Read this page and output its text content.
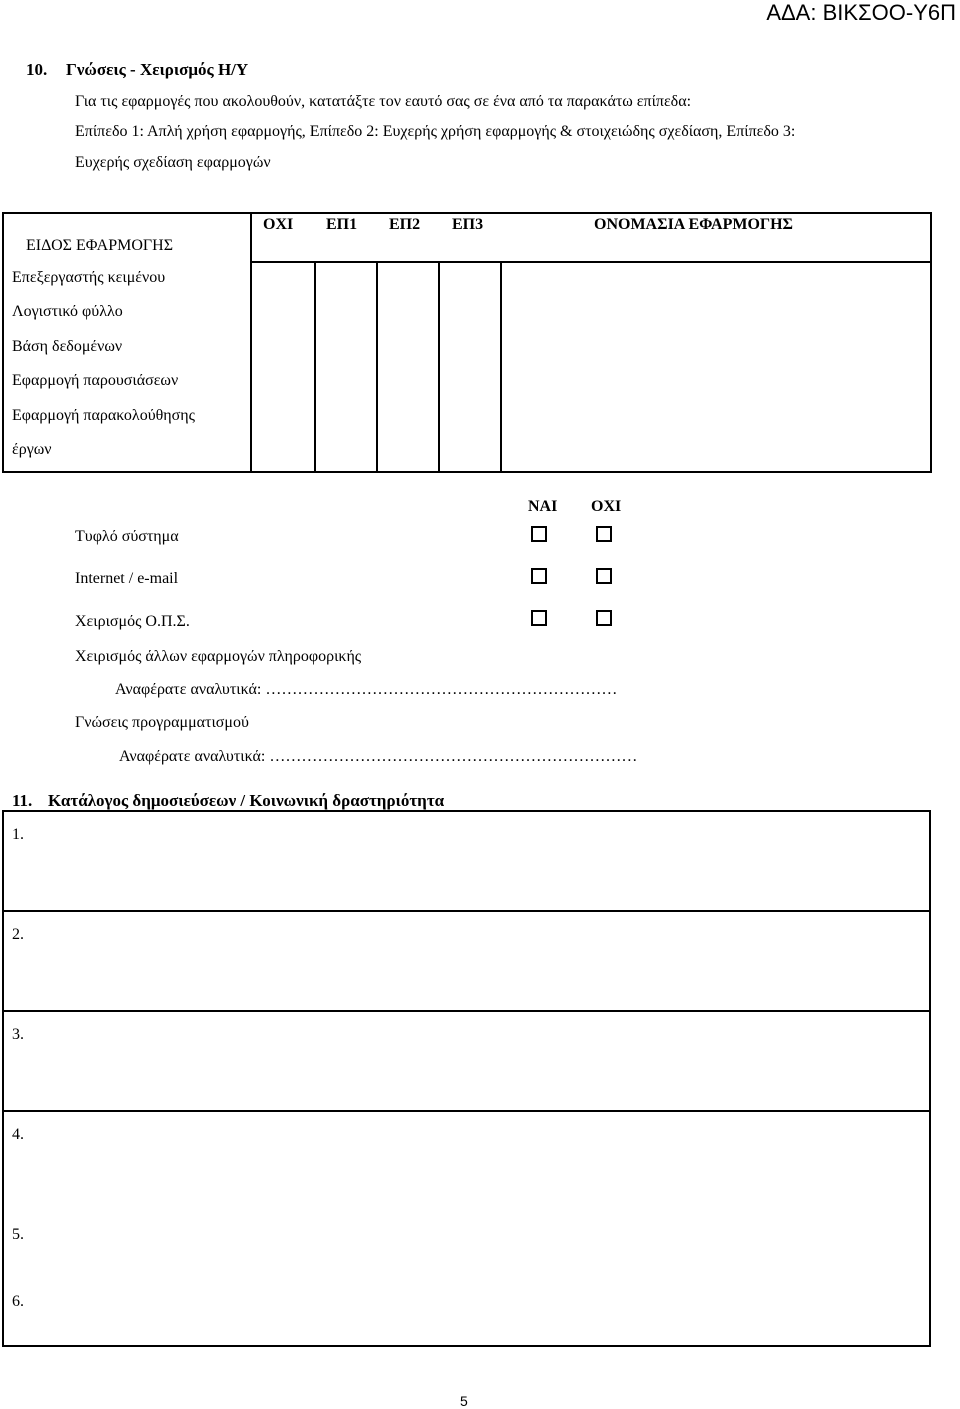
ΑΔΑ: ΒΙΚΣΟΟ-Υ6Π
10. Γνώσεις - Χειρισμός Η/Υ
Για τις εφαρμογές που ακολουθούν, κατατάξτε τον εαυτό σας σε ένα από τα παρακάτω επίπεδα:
Επίπεδο 1: Απλή χρήση εφαρμογής, Επίπεδο 2: Ευχερής χρήση εφαρμογής & στοιχειώδης σχεδίαση, Επίπεδο 3:
Ευχερής σχεδίαση εφαρμογών
ΕΙΔΟΣ ΕΦΑΡΜΟΓΗΣ
ΟΧΙ ΕΠ1 ΕΠ2 ΕΠ3	ΟΝΟΜΑΣΙΑ ΕΦΑΡΜΟΓΗΣ
Επεξεργαστής κειμένου
Λογιστικό φύλλο
Βάση δεδομένων
Εφαρμογή παρουσιάσεων
Εφαρμογή παρακολούθησης
έργων
ΝΑΙ ΟΧΙ
Τυφλό σύστημα
Internet / e-mail
Χειρισμός Ο.Π.Σ.
Χειρισμός άλλων εφαρμογών πληροφορικής
Αναφέρατε αναλυτικά: …………………………………………………………
Γνώσεις προγραμματισμού
Αναφέρατε αναλυτικά: ……………………………………………………………
11. Κατάλογος δημοσιεύσεων / Κοινωνική δραστηριότητα
1.
2.
3.
4.
5.
6.
5
